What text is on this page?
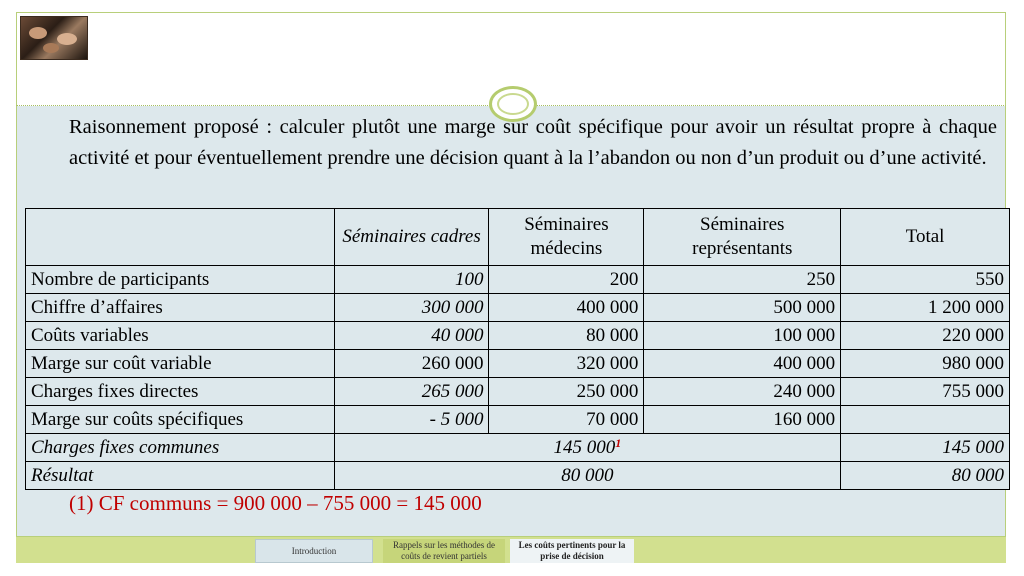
Raisonnement proposé : calculer plutôt une marge sur coût spécifique pour avoir un résultat propre à chaque activité et pour éventuellement prendre une décision quant à la l’abandon ou non d’un produit ou d’une activité.
	Séminaires cadres	Séminaires médecins	Séminaires représentants	Total
Nombre de participants	100	200	250	550
Chiffre d’affaires	300 000	400 000	500 000	1 200 000
Coûts variables	40 000	80 000	100 000	220 000
Marge sur coût variable	260 000	320 000	400 000	980 000
Charges fixes directes	265 000	250 000	240 000	755 000
Marge sur coûts spécifiques	- 5 000	70 000	160 000	
Charges fixes communes	145 000$^1$			145 000
Résultat	80 000			80 000
(1) CF communs = 900 000 – 755 000 = 145 000
Introduction
Rappels sur les méthodes de coûts de revient partiels
Les coûts pertinents pour la prise de décision
